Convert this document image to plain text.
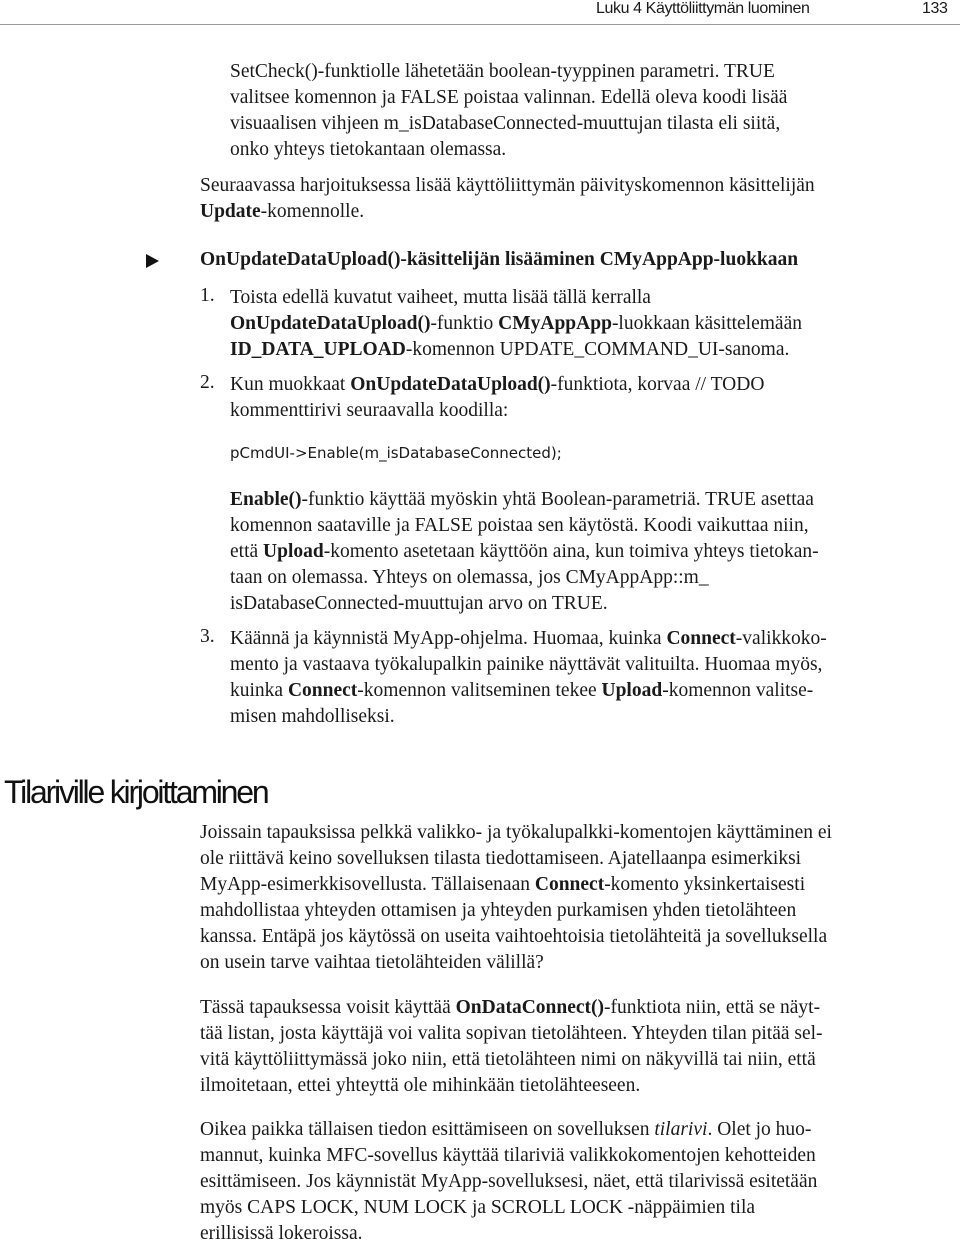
Luku 4 Käyttöliittymän luominen	133
SetCheck()-funktiolle lähetetään boolean-tyyppinen parametri. TRUE
valitsee komennon ja FALSE poistaa valinnan. Edellä oleva koodi lisää
visuaalisen vihjeen m_isDatabaseConnected-muuttujan tilasta eli siitä,
onko yhteys tietokantaan olemassa.
Seuraavassa harjoituksessa lisää käyttöliittymän päivityskomennon käsittelijän
Update-komennolle.
OnUpdateDataUpload()-käsittelijän lisääminen CMyAppApp-luokkaan
1. Toista edellä kuvatut vaiheet, mutta lisää tällä kerralla
OnUpdateDataUpload()-funktio CMyAppApp-luokkaan käsittelemään
ID_DATA_UPLOAD-komennon UPDATE_COMMAND_UI-sanoma.
2. Kun muokkaat OnUpdateDataUpload()-funktiota, korvaa // TODO
kommenttirivi seuraavalla koodilla:
pCmdUI->Enable(m_isDatabaseConnected);
Enable()-funktio käyttää myöskin yhtä Boolean-parametriä. TRUE asettaa
komennon saataville ja FALSE poistaa sen käytöstä. Koodi vaikuttaa niin,
että Upload-komento asetetaan käyttöön aina, kun toimiva yhteys tietokan-
taan on olemassa. Yhteys on olemassa, jos CMyAppApp::m_
isDatabaseConnected-muuttujan arvo on TRUE.
3. Käännä ja käynnistä MyApp-ohjelma. Huomaa, kuinka Connect-valikkoko-
mento ja vastaava työkalupalkin painike näyttävät valituilta. Huomaa myös,
kuinka Connect-komennon valitseminen tekee Upload-komennon valitse-
misen mahdolliseksi.
Tilariville kirjoittaminen
Joissain tapauksissa pelkkä valikko- ja työkalupalkki-komentojen käyttäminen ei
ole riittävä keino sovelluksen tilasta tiedottamiseen. Ajatellaanpa esimerkiksi
MyApp-esimerkkisovellusta. Tällaisenaan Connect-komento yksinkertaisesti
mahdollistaa yhteyden ottamisen ja yhteyden purkamisen yhden tietolähteen
kanssa. Entäpä jos käytössä on useita vaihtoehtoisia tietolähteitä ja sovelluksella
on usein tarve vaihtaa tietolähteiden välillä?
Tässä tapauksessa voisit käyttää OnDataConnect()-funktiota niin, että se näyt-
tää listan, josta käyttäjä voi valita sopivan tietolähteen. Yhteyden tilan pitää sel-
vitä käyttöliittymässä joko niin, että tietolähteen nimi on näkyvillä tai niin, että
ilmoitetaan, ettei yhteyttä ole mihinkään tietolähteeseen.
Oikea paikka tällaisen tiedon esittämiseen on sovelluksen tilarivi. Olet jo huo-
mannut, kuinka MFC-sovellus käyttää tilariviä valikkokomentojen kehotteiden
esittämiseen. Jos käynnistät MyApp-sovelluksesi, näet, että tilarivissä esitetään
myös CAPS LOCK, NUM LOCK ja SCROLL LOCK -näppäimien tila
erillisissä lokeroissa.
